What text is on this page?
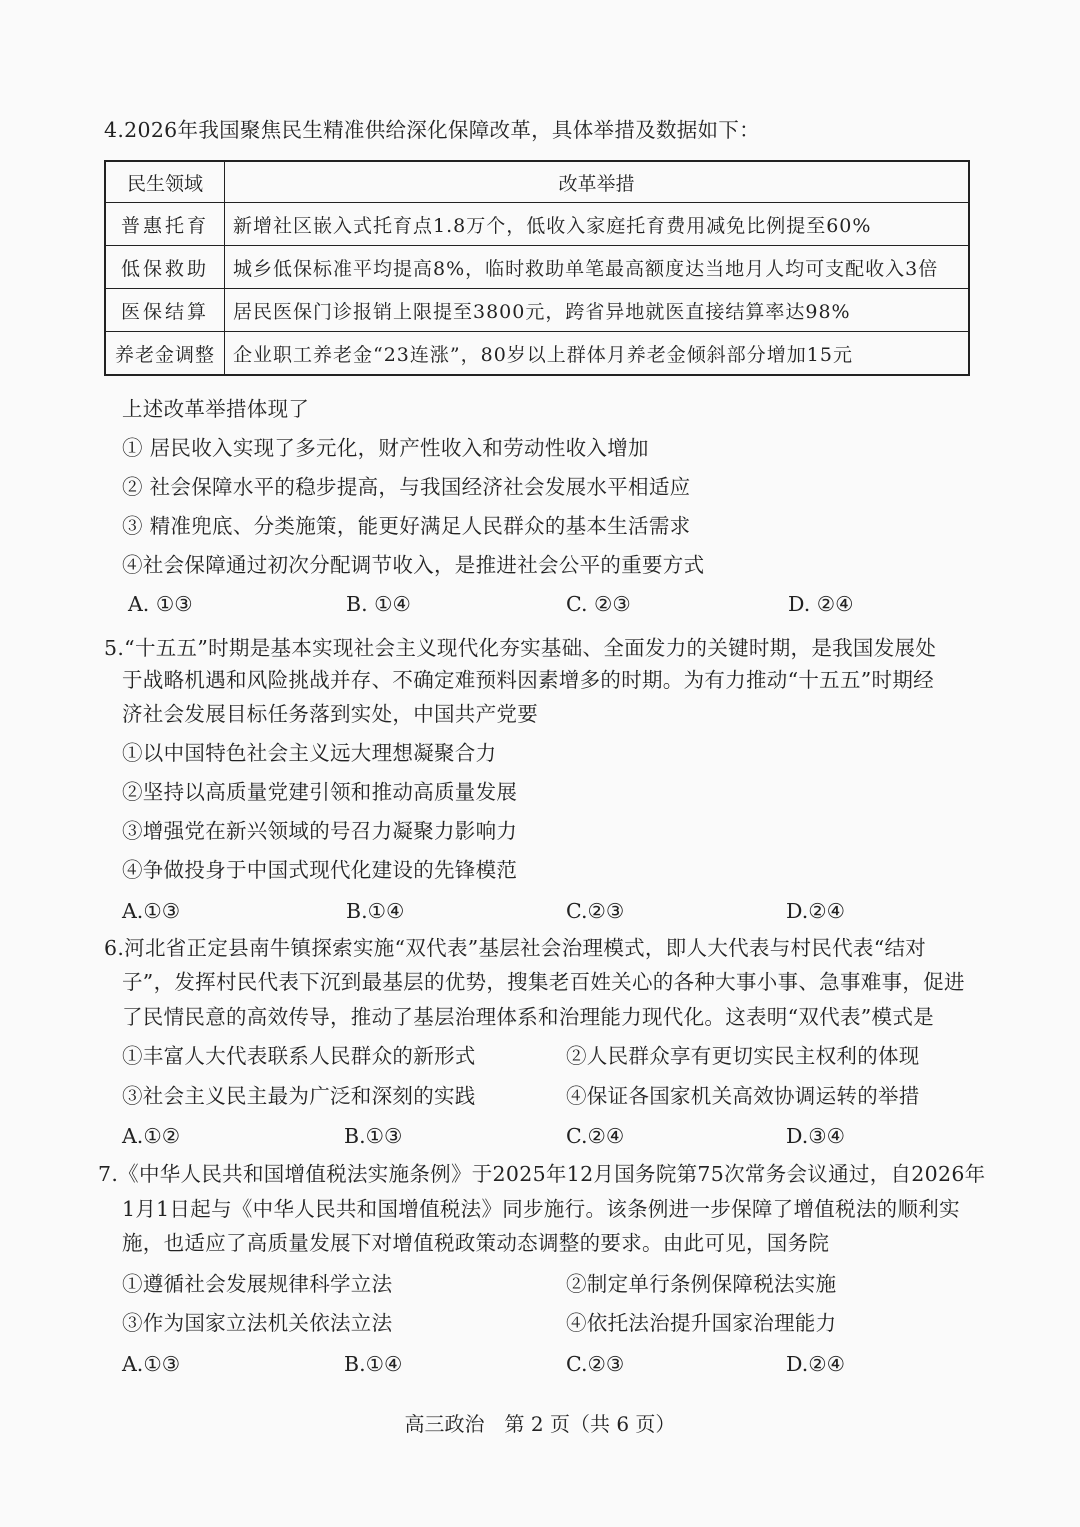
4.2026年我国聚焦民生精准供给深化保障改革，具体举措及数据如下：
民生领域	改革举措
普惠托育	新增社区嵌入式托育点1.8万个，低收入家庭托育费用减免比例提至60%
低保救助	城乡低保标准平均提高8%，临时救助单笔最高额度达当地月人均可支配收入3倍
医保结算	居民医保门诊报销上限提至3800元，跨省异地就医直接结算率达98%
养老金调整	企业职工养老金“23连涨”，80岁以上群体月养老金倾斜部分增加15元
上述改革举措体现了
① 居民收入实现了多元化，财产性收入和劳动性收入增加
② 社会保障水平的稳步提高，与我国经济社会发展水平相适应
③ 精准兜底、分类施策，能更好满足人民群众的基本生活需求
④社会保障通过初次分配调节收入，是推进社会公平的重要方式
A. ①③	B. ①④	C. ②③	D. ②④
5.“十五五”时期是基本实现社会主义现代化夯实基础、全面发力的关键时期，是我国发展处
于战略机遇和风险挑战并存、不确定难预料因素增多的时期。为有力推动“十五五”时期经
济社会发展目标任务落到实处，中国共产党要
①以中国特色社会主义远大理想凝聚合力
②坚持以高质量党建引领和推动高质量发展
③增强党在新兴领域的号召力凝聚力影响力
④争做投身于中国式现代化建设的先锋模范
A.①③	B.①④	C.②③	D.②④
6.河北省正定县南牛镇探索实施“双代表”基层社会治理模式，即人大代表与村民代表“结对
子”，发挥村民代表下沉到最基层的优势，搜集老百姓关心的各种大事小事、急事难事，促进
了民情民意的高效传导，推动了基层治理体系和治理能力现代化。这表明“双代表”模式是
①丰富人大代表联系人民群众的新形式	②人民群众享有更切实民主权利的体现
③社会主义民主最为广泛和深刻的实践	④保证各国家机关高效协调运转的举措
A.①②	B.①③	C.②④	D.③④
7.《中华人民共和国增值税法实施条例》于2025年12月国务院第75次常务会议通过，自2026年
1月1日起与《中华人民共和国增值税法》同步施行。该条例进一步保障了增值税法的顺利实
施，也适应了高质量发展下对增值税政策动态调整的要求。由此可见，国务院
①遵循社会发展规律科学立法	②制定单行条例保障税法实施
③作为国家立法机关依法立法	④依托法治提升国家治理能力
A.①③	B.①④	C.②③	D.②④
高三政治　第 2 页（共 6 页）
